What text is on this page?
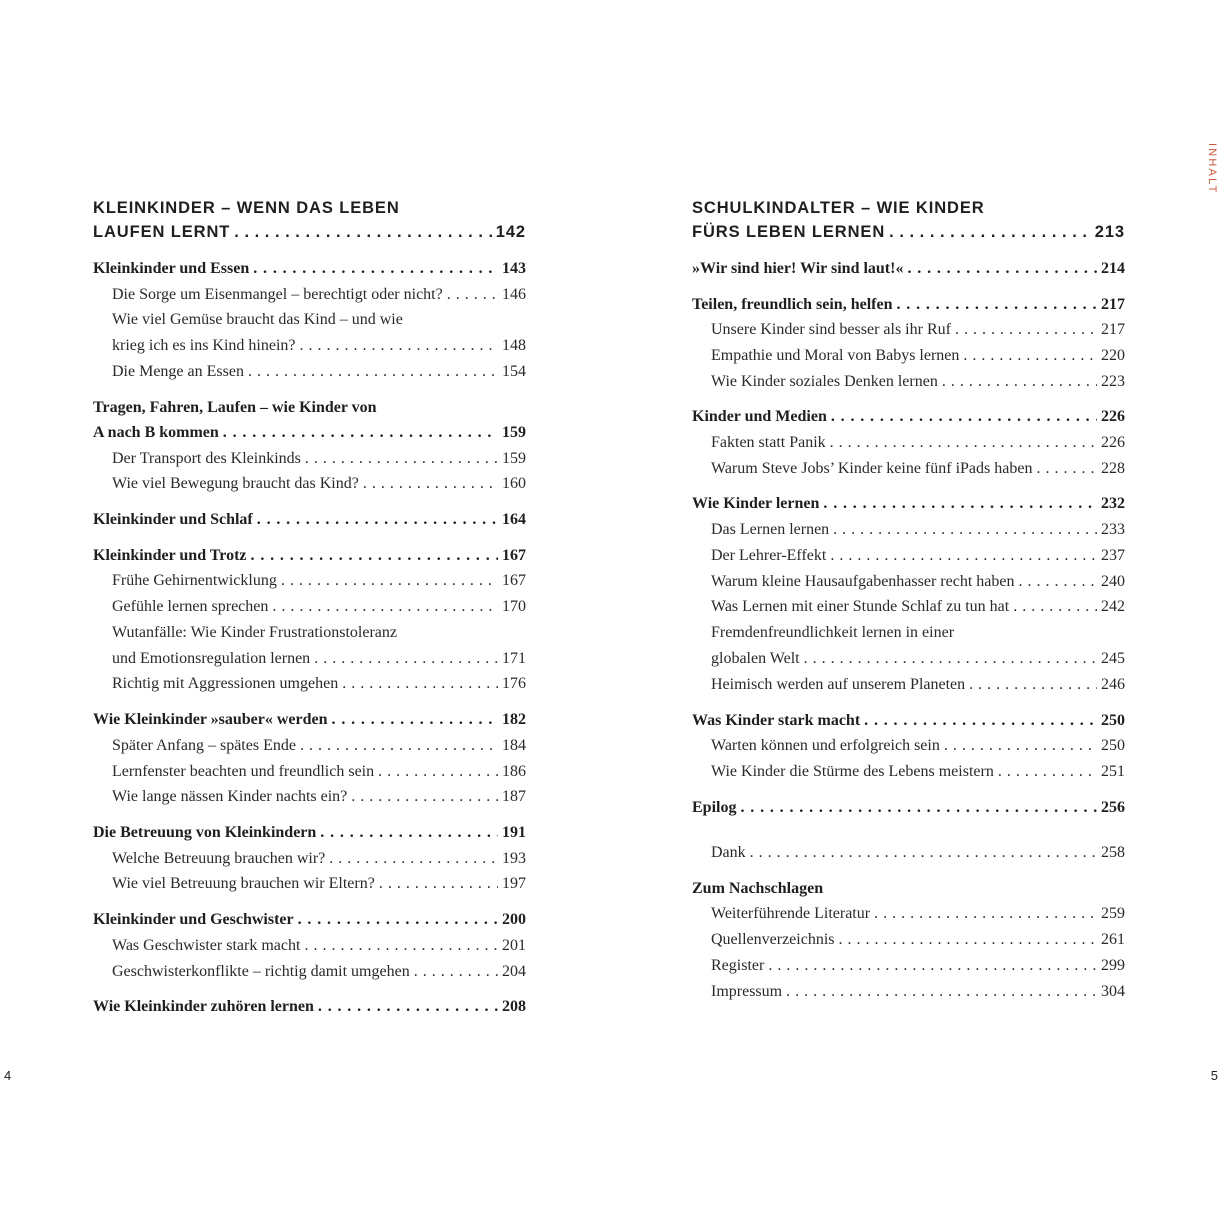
INHALT
KLEINKINDER – WENN DAS LEBEN
LAUFEN LERNT . . .	142
Kleinkinder und Essen . . .	143
Die Sorge um Eisenmangel – berechtigt oder nicht? . . .	146
Wie viel Gemüse braucht das Kind – und wie
krieg ich es ins Kind hinein? . . .	148
Die Menge an Essen . . .	154
Tragen, Fahren, Laufen – wie Kinder von
A nach B kommen . . .	159
Der Transport des Kleinkinds . . .	159
Wie viel Bewegung braucht das Kind? . . .	160
Kleinkinder und Schlaf . . .	164
Kleinkinder und Trotz . . .	167
Frühe Gehirnentwicklung . . .	167
Gefühle lernen sprechen . . .	170
Wutanfälle: Wie Kinder Frustrationstoleranz
und Emotionsregulation lernen . . .	171
Richtig mit Aggressionen umgehen . . .	176
Wie Kleinkinder »sauber« werden . . .	182
Später Anfang – spätes Ende . . .	184
Lernfenster beachten und freundlich sein . . .	186
Wie lange nässen Kinder nachts ein? . . .	187
Die Betreuung von Kleinkindern . . .	191
Welche Betreuung brauchen wir? . . .	193
Wie viel Betreuung brauchen wir Eltern? . . .	197
Kleinkinder und Geschwister . . .	200
Was Geschwister stark macht . . .	201
Geschwisterkonflikte – richtig damit umgehen . . .	204
Wie Kleinkinder zuhören lernen . . .	208
SCHULKINDALTER – WIE KINDER
FÜRS LEBEN LERNEN . . .	213
»Wir sind hier! Wir sind laut!« . . .	214
Teilen, freundlich sein, helfen . . .	217
Unsere Kinder sind besser als ihr Ruf . . .	217
Empathie und Moral von Babys lernen . . .	220
Wie Kinder soziales Denken lernen . . .	223
Kinder und Medien . . .	226
Fakten statt Panik . . .	226
Warum Steve Jobs’ Kinder keine fünf iPads haben . . .	228
Wie Kinder lernen . . .	232
Das Lernen lernen . . .	233
Der Lehrer-Effekt . . .	237
Warum kleine Hausaufgabenhasser recht haben . . .	240
Was Lernen mit einer Stunde Schlaf zu tun hat . . .	242
Fremdenfreundlichkeit lernen in einer
globalen Welt . . .	245
Heimisch werden auf unserem Planeten . . .	246
Was Kinder stark macht . . .	250
Warten können und erfolgreich sein . . .	250
Wie Kinder die Stürme des Lebens meistern . . .	251
Epilog . . .	256
Dank . . .	258
Zum Nachschlagen
Weiterführende Literatur . . .	259
Quellenverzeichnis . . .	261
Register . . .	299
Impressum . . .	304
4	5
